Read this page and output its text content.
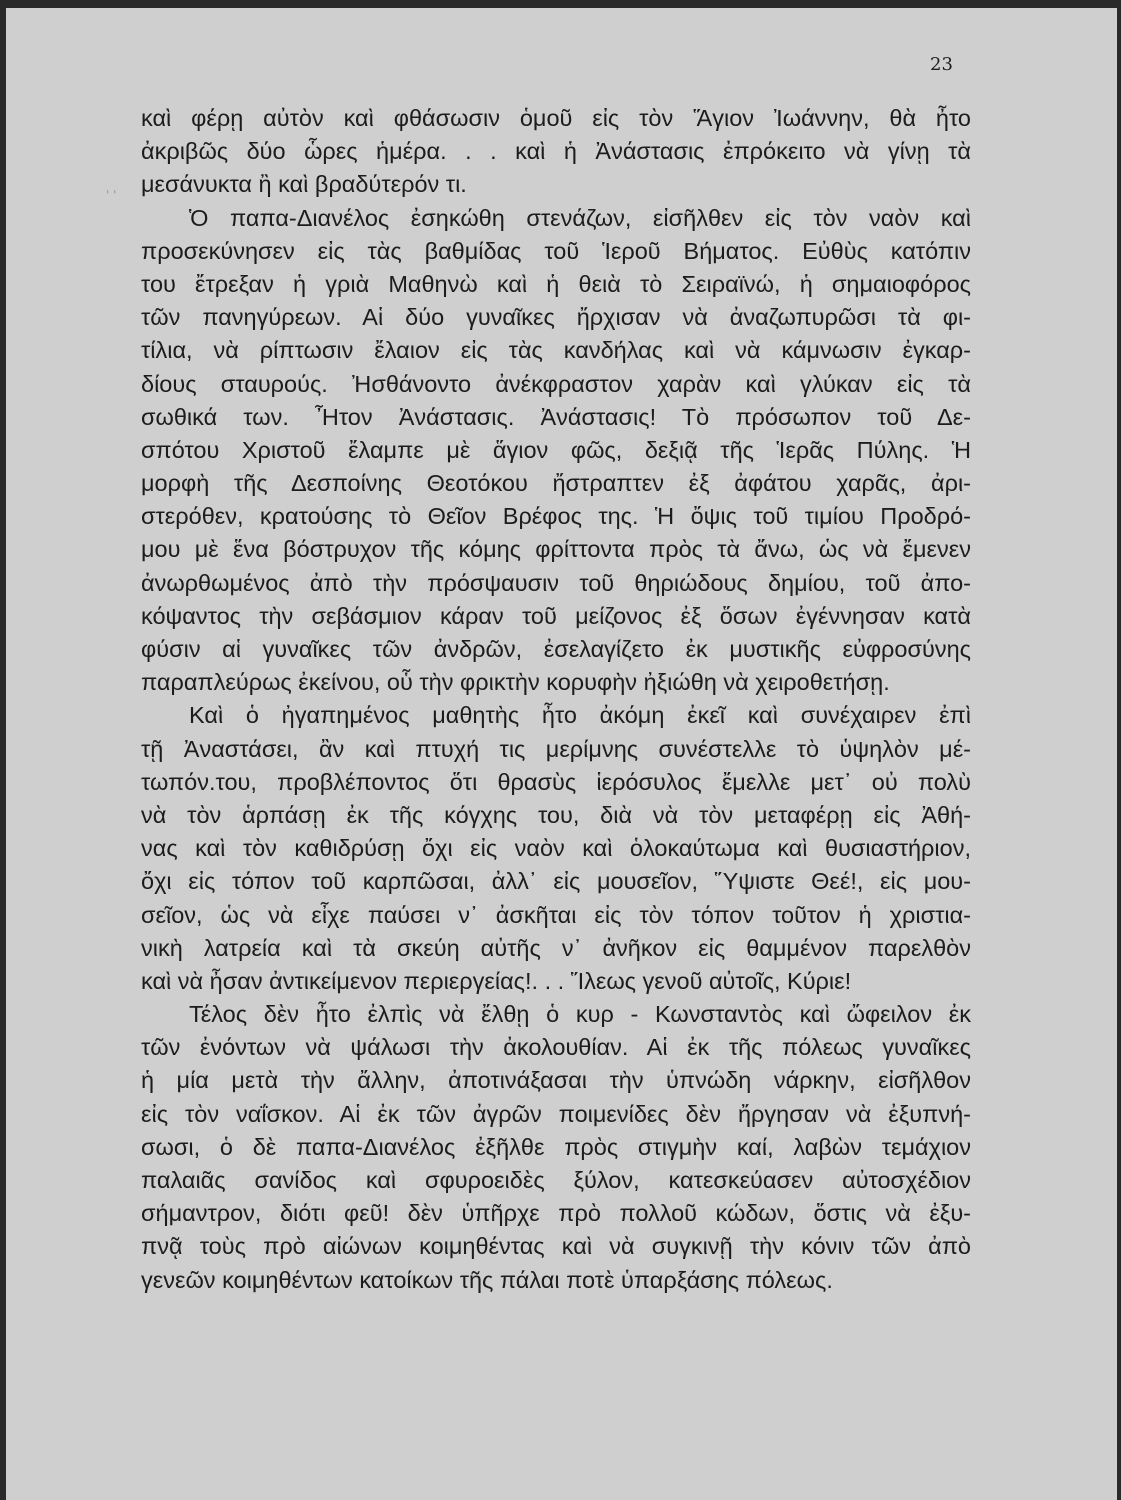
23

' '
καὶ φέρῃ αὐτὸν καὶ φθάσωσιν ὁμοῦ εἰς τὸν Ἅγιον Ἰωάννην, θὰ ἦτο
ἀκριβῶς δύο ὧρες ἡμέρα. . . καὶ ἡ Ἀνάστασις ἐπρόκειτο νὰ γίνῃ τὰ
μεσάνυκτα ἢ καὶ βραδύτερόν τι.
Ὁ παπα-Διανέλος ἐσηκώθη στενάζων, εἰσῆλθεν εἰς τὸν ναὸν καὶ
προσεκύνησεν εἰς τὰς βαθμίδας τοῦ Ἱεροῦ Βήματος. Εὐθὺς κατόπιν
του ἔτρεξαν ἡ γριὰ Μαθηνὼ καὶ ἡ θειὰ τὸ Σειραϊνώ, ἡ σημαιοφόρος
τῶν πανηγύρεων. Αἱ δύο γυναῖκες ἤρχισαν νὰ ἀναζωπυρῶσι τὰ φι-
τίλια, νὰ ρίπτωσιν ἔλαιον εἰς τὰς κανδήλας καὶ νὰ κάμνωσιν ἐγκαρ-
δίους σταυρούς. Ἠσθάνοντο ἀνέκφραστον χαρὰν καὶ γλύκαν εἰς τὰ
σωθικά των. Ἦτον Ἀνάστασις. Ἀνάστασις! Τὸ πρόσωπον τοῦ Δε-
σπότου Χριστοῦ ἔλαμπε μὲ ἅγιον φῶς, δεξιᾷ τῆς Ἱερᾶς Πύλης. Ἡ
μορφὴ τῆς Δεσποίνης Θεοτόκου ἤστραπτεν ἐξ ἀφάτου χαρᾶς, ἀρι-
στερόθεν, κρατούσης τὸ Θεῖον Βρέφος της. Ἡ ὄψις τοῦ τιμίου Προδρό-
μου μὲ ἕνα βόστρυχον τῆς κόμης φρίττοντα πρὸς τὰ ἄνω, ὡς νὰ ἔμενεν
ἀνωρθωμένος ἀπὸ τὴν πρόσψαυσιν τοῦ θηριώδους δημίου, τοῦ ἀπο-
κόψαντος τὴν σεβάσμιον κάραν τοῦ μείζονος ἐξ ὅσων ἐγέννησαν κατὰ
φύσιν αἱ γυναῖκες τῶν ἀνδρῶν, ἐσελαγίζετο ἐκ μυστικῆς εὐφροσύνης
παραπλεύρως ἐκείνου, οὗ τὴν φρικτὴν κορυφὴν ἠξιώθη νὰ χειροθετήσῃ.
Καὶ ὁ ἠγαπημένος μαθητὴς ἦτο ἀκόμη ἐκεῖ καὶ συνέχαιρεν ἐπὶ
τῇ Ἀναστάσει, ἂν καὶ πτυχή τις μερίμνης συνέστελλε τὸ ὑψηλὸν μέ-
τωπόν.του, προβλέποντος ὅτι θρασὺς ἱερόσυλος ἔμελλε μετ᾽ οὐ πολὺ
νὰ τὸν ἁρπάσῃ ἐκ τῆς κόγχης του, διὰ νὰ τὸν μεταφέρῃ εἰς Ἀθή-
νας καὶ τὸν καθιδρύσῃ ὄχι εἰς ναὸν καὶ ὁλοκαύτωμα καὶ θυσιαστήριον,
ὄχι εἰς τόπον τοῦ καρπῶσαι, ἀλλ᾽ εἰς μουσεῖον, Ὕψιστε Θεέ!, εἰς μου-
σεῖον, ὡς νὰ εἶχε παύσει ν᾽ ἀσκῆται εἰς τὸν τόπον τοῦτον ἡ χριστια-
νικὴ λατρεία καὶ τὰ σκεύη αὐτῆς ν᾽ ἀνῆκον εἰς θαμμένον παρελθὸν
καὶ νὰ ἦσαν ἀντικείμενον περιεργείας!. . . Ἵλεως γενοῦ αὐτοῖς, Κύριε!
Τέλος δὲν ἦτο ἐλπὶς νὰ ἔλθῃ ὁ κυρ - Κωνσταντὸς καὶ ὤφειλον ἐκ
τῶν ἐνόντων νὰ ψάλωσι τὴν ἀκολουθίαν. Αἱ ἐκ τῆς πόλεως γυναῖκες
ἡ μία μετὰ τὴν ἄλλην, ἀποτινάξασαι τὴν ὑπνώδη νάρκην, εἰσῆλθον
εἰς τὸν ναΐσκον. Αἱ ἐκ τῶν ἀγρῶν ποιμενίδες δὲν ἤργησαν νὰ ἐξυπνή-
σωσι, ὁ δὲ παπα-Διανέλος ἐξῆλθε πρὸς στιγμὴν καί, λαβὼν τεμάχιον
παλαιᾶς σανίδος καὶ σφυροειδὲς ξύλον, κατεσκεύασεν αὐτοσχέδιον
σήμαντρον, διότι φεῦ! δὲν ὑπῆρχε πρὸ πολλοῦ κώδων, ὅστις νὰ ἐξυ-
πνᾷ τοὺς πρὸ αἰώνων κοιμηθέντας καὶ νὰ συγκινῇ τὴν κόνιν τῶν ἀπὸ
γενεῶν κοιμηθέντων κατοίκων τῆς πάλαι ποτὲ ὑπαρξάσης πόλεως.
